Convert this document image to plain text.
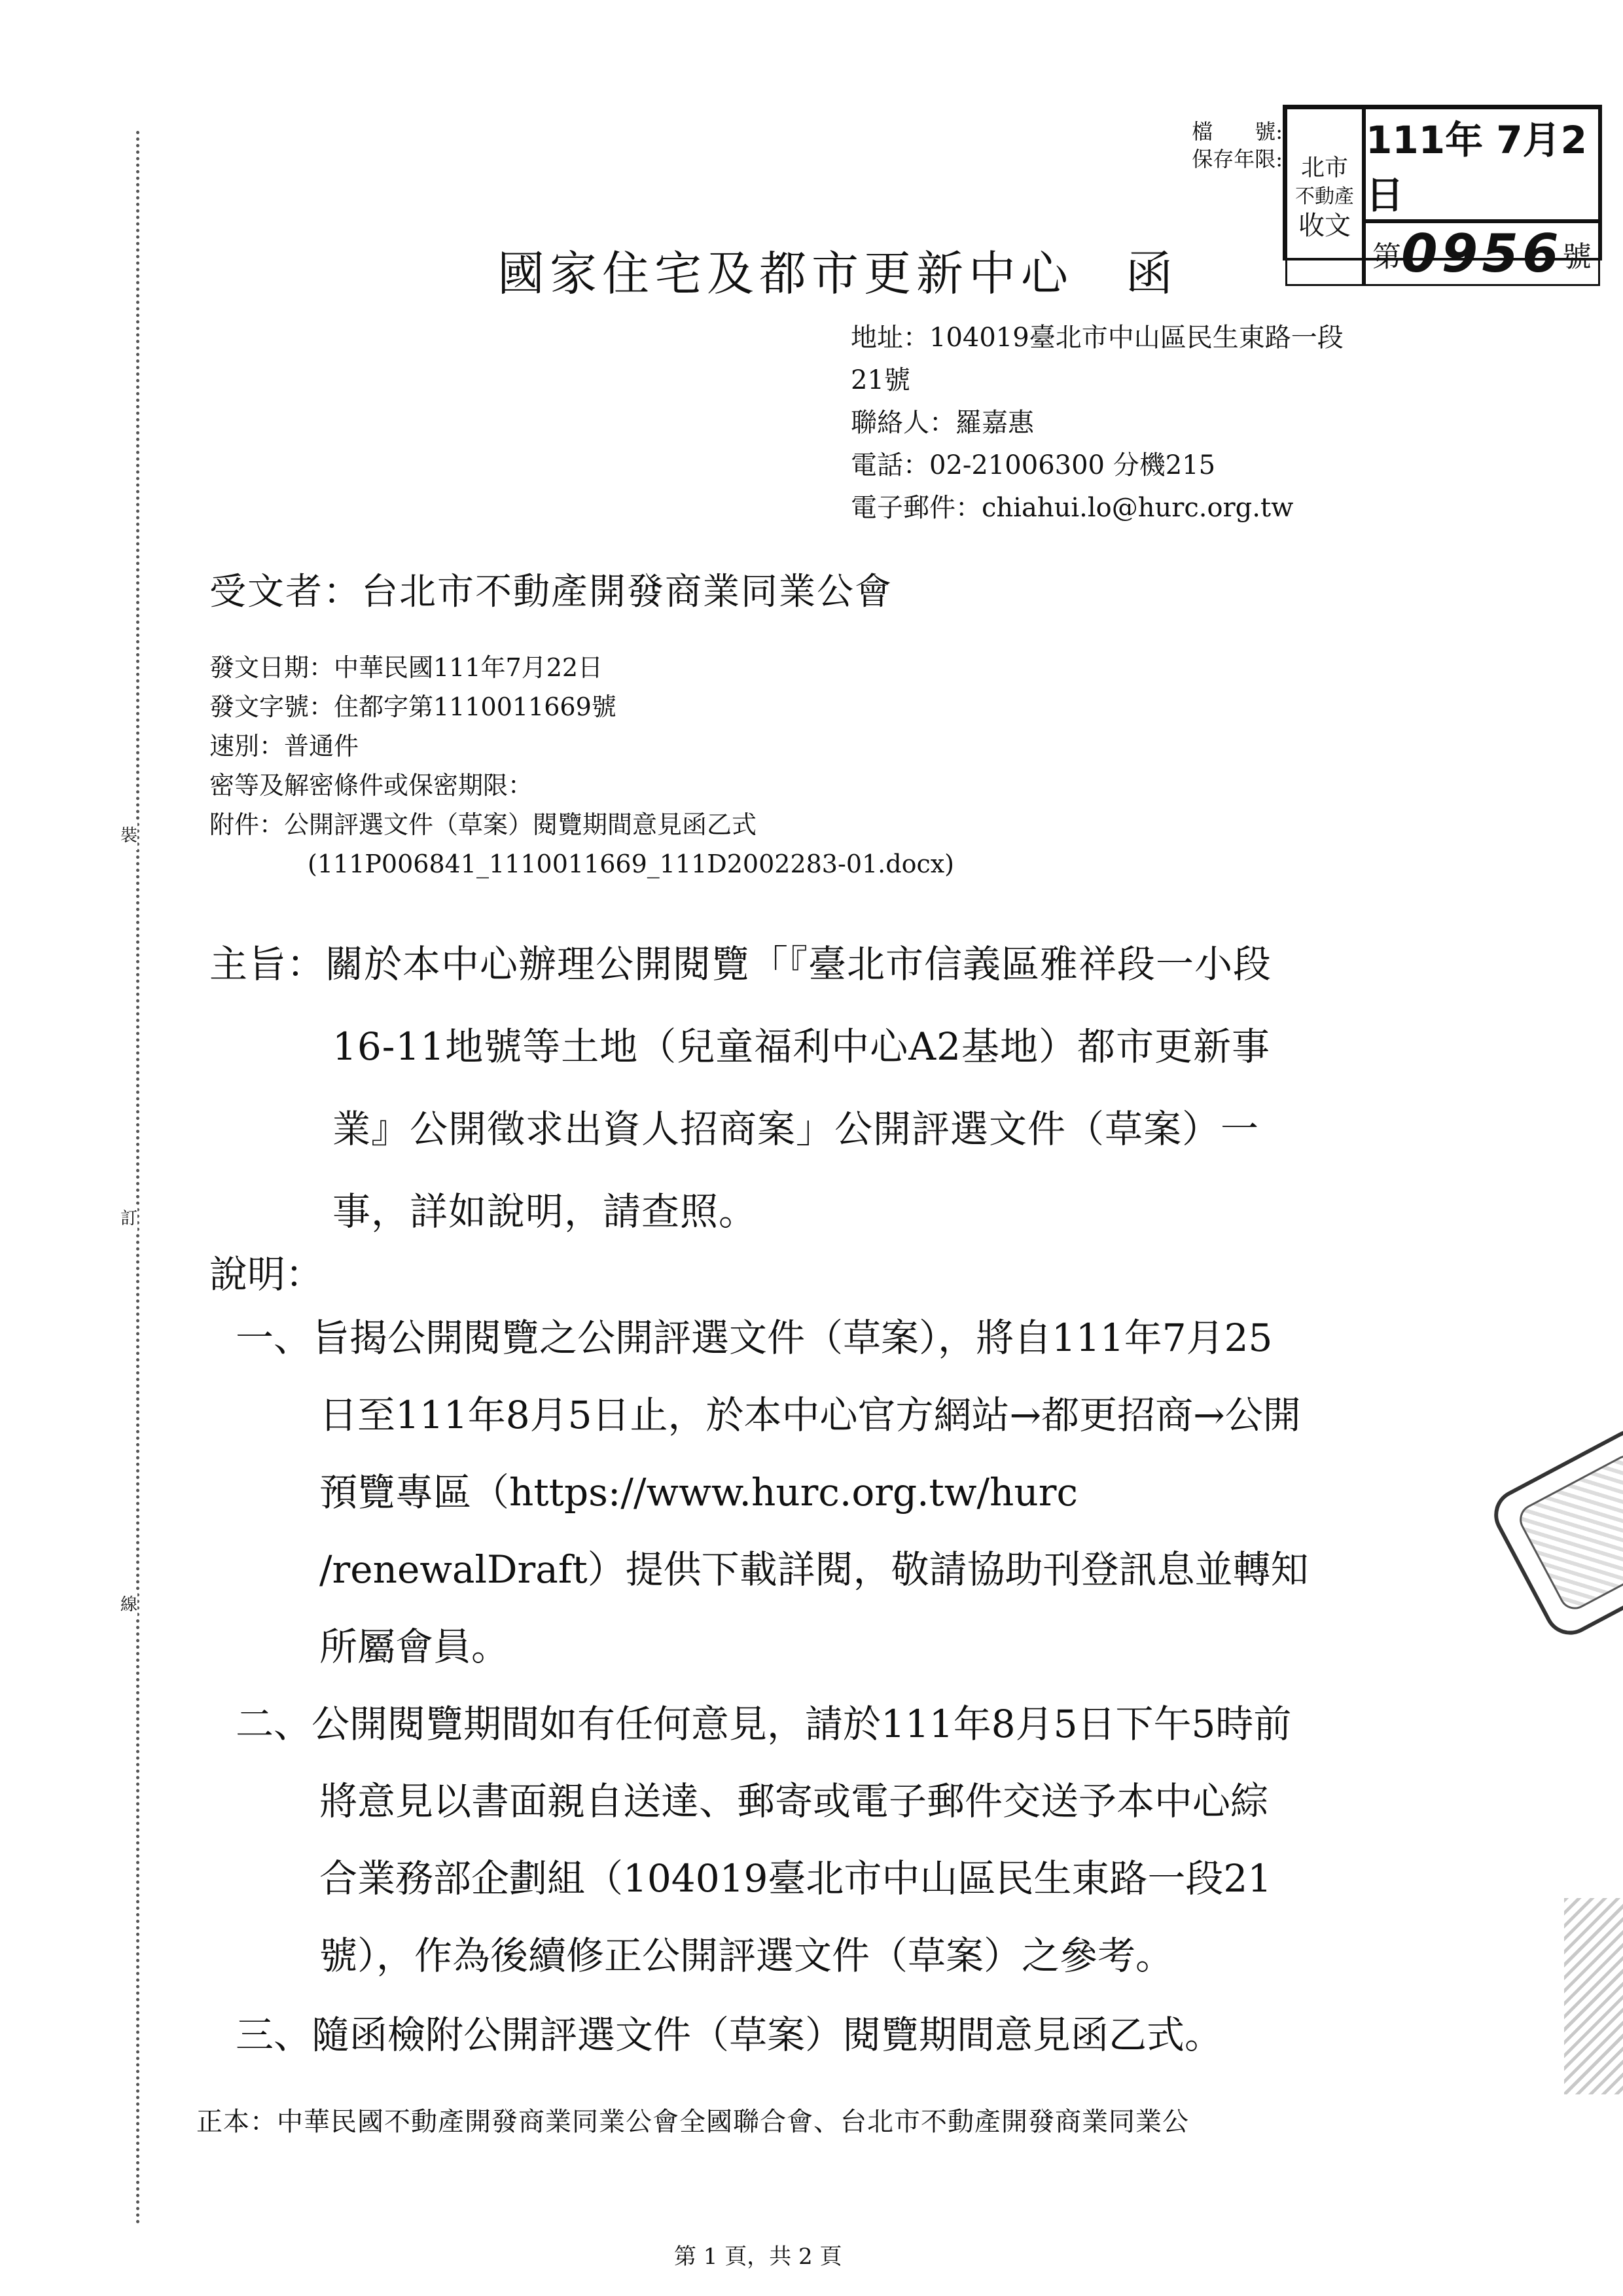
裝
訂
線
檔　　號:
保存年限: 北市
不動產
收文
111年 7月2日
第 0956 號
國家住宅及都市更新中心　函
地址：104019臺北市中山區民生東路一段
21號
聯絡人：羅嘉惠
電話：02-21006300 分機215
電子郵件：chiahui.lo@hurc.org.tw
受文者：台北市不動產開發商業同業公會
發文日期：中華民國111年7月22日
發文字號：住都字第1110011669號
速別：普通件
密等及解密條件或保密期限：
附件：公開評選文件（草案）閱覽期間意見函乙式
(111P006841_1110011669_111D2002283-01.docx)
主旨：關於本中心辦理公開閱覽「『臺北市信義區雅祥段一小段
16-11地號等土地（兒童福利中心A2基地）都市更新事
業』公開徵求出資人招商案」公開評選文件（草案）一
事，詳如說明，請查照。
說明：
一、旨揭公開閱覽之公開評選文件（草案），將自111年7月25
日至111年8月5日止，於本中心官方網站→都更招商→公開
預覽專區（https://www.hurc.org.tw/hurc
/renewalDraft）提供下載詳閱，敬請協助刊登訊息並轉知
所屬會員。
二、公開閱覽期間如有任何意見，請於111年8月5日下午5時前
將意見以書面親自送達、郵寄或電子郵件交送予本中心綜
合業務部企劃組（104019臺北市中山區民生東路一段21
號），作為後續修正公開評選文件（草案）之參考。
三、隨函檢附公開評選文件（草案）閱覽期間意見函乙式。
正本：中華民國不動產開發商業同業公會全國聯合會、台北市不動產開發商業同業公
第 1 頁，共 2 頁
